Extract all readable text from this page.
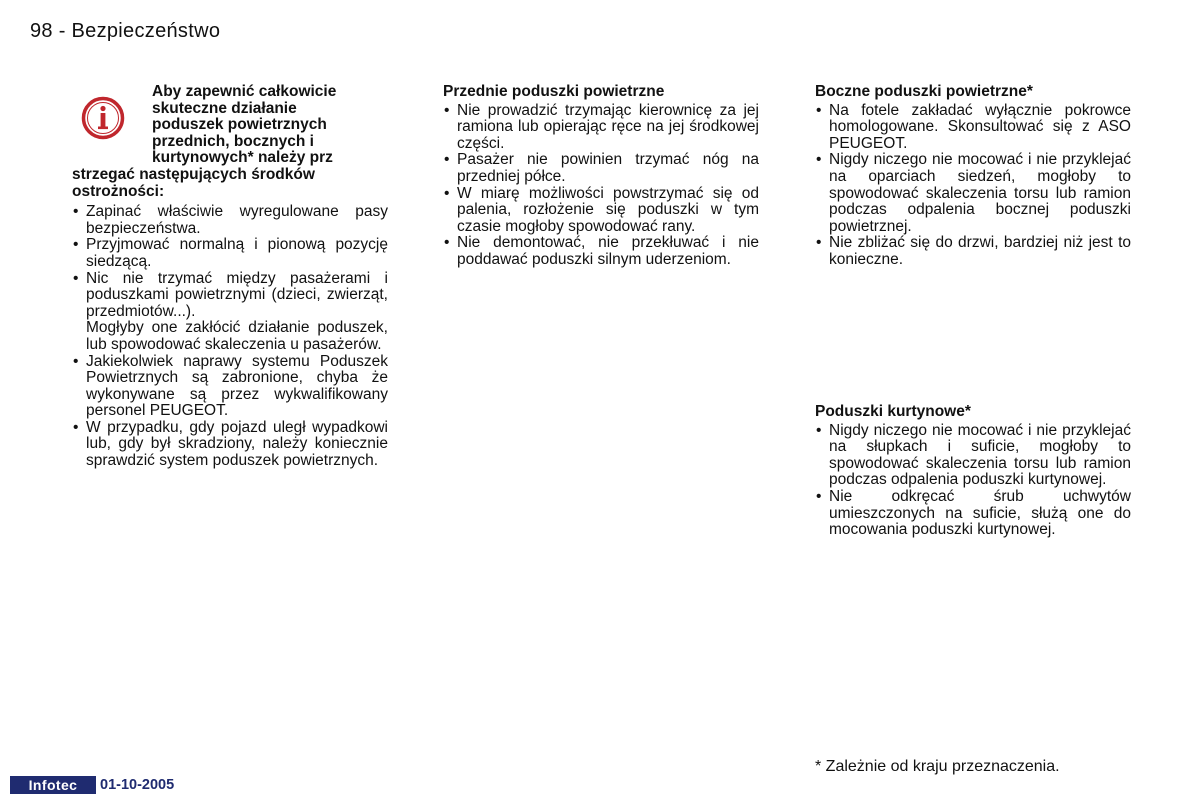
98 - Bezpieczeństwo
Aby zapewnić całkowicie
skuteczne działanie
poduszek powietrznych
przednich, bocznych i
kurtynowych* należy prz
strzegać następujących środków ostrożności:
• Zapinać właściwie wyregulowane pasy bezpieczeństwa.
• Przyjmować normalną i pionową pozycję siedzącą.
• Nic nie trzymać między pasażerami i poduszkami powietrznymi (dzieci, zwierząt, przedmiotów...).
Mogłyby one zakłócić działanie poduszek, lub spowodować skaleczenia u pasażerów.
• Jakiekolwiek naprawy systemu Poduszek Powietrznych są zabronione, chyba że wykonywane są przez wykwalifikowany personel PEUGEOT.
• W przypadku, gdy pojazd uległ wypadkowi lub, gdy był skradziony, należy koniecznie sprawdzić system poduszek powietrznych.
Przednie poduszki powietrzne
• Nie prowadzić trzymając kierownicę za jej ramiona lub opierając ręce na jej środkowej części.
• Pasażer nie powinien trzymać nóg na przedniej półce.
• W miarę możliwości powstrzymać się od palenia, rozłożenie się poduszki w tym czasie mogłoby spowodować rany.
• Nie demontować, nie przekłuwać i nie poddawać poduszki silnym uderzeniom.
Boczne poduszki powietrzne*
• Na fotele zakładać wyłącznie pokrowce homologowane. Skonsultować się z ASO PEUGEOT.
• Nigdy niczego nie mocować i nie przyklejać na oparciach siedzeń, mogłoby to spowodować skaleczenia torsu lub ramion podczas odpalenia bocznej poduszki powietrznej.
• Nie zbliżać się do drzwi, bardziej niż jest to konieczne.
Poduszki kurtynowe*
• Nigdy niczego nie mocować i nie przyklejać na słupkach i suficie, mogłoby to spowodować skaleczenia torsu lub ramion podczas odpalenia poduszki kurtynowej.
• Nie odkręcać śrub uchwytów umieszczonych na suficie, służą one do mocowania poduszki kurtynowej.
* Zależnie od kraju przeznaczenia.
Infotec	01-10-2005
